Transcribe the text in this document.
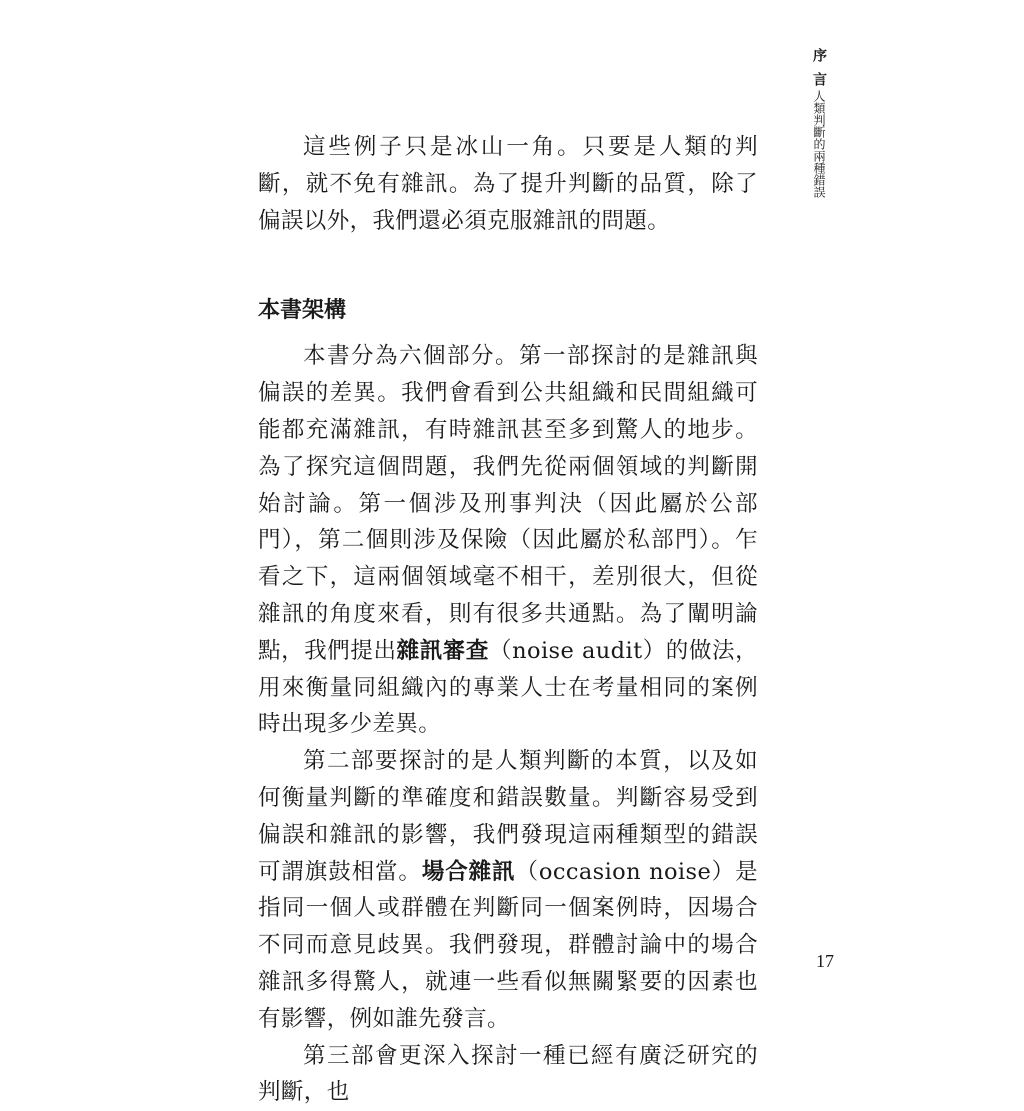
序言
人類判斷的兩種錯誤

這些例子只是冰山一角。只要是人類的判斷，就不免有雜訊。為了提升判斷的品質，除了偏誤以外，我們還必須克服雜訊的問題。

本書架構

本書分為六個部分。第一部探討的是雜訊與偏誤的差異。我們會看到公共組織和民間組織可能都充滿雜訊，有時雜訊甚至多到驚人的地步。為了探究這個問題，我們先從兩個領域的判斷開始討論。第一個涉及刑事判決（因此屬於公部門），第二個則涉及保險（因此屬於私部門）。乍看之下，這兩個領域毫不相干，差別很大，但從雜訊的角度來看，則有很多共通點。為了闡明論點，我們提出雜訊審查（noise audit）的做法，用來衡量同組織內的專業人士在考量相同的案例時出現多少差異。

第二部要探討的是人類判斷的本質，以及如何衡量判斷的準確度和錯誤數量。判斷容易受到偏誤和雜訊的影響，我們發現這兩種類型的錯誤可謂旗鼓相當。場合雜訊（occasion noise）是指同一個人或群體在判斷同一個案例時，因場合不同而意見歧異。我們發現，群體討論中的場合雜訊多得驚人，就連一些看似無關緊要的因素也有影響，例如誰先發言。

第三部會更深入探討一種已經有廣泛研究的判斷，也

17
